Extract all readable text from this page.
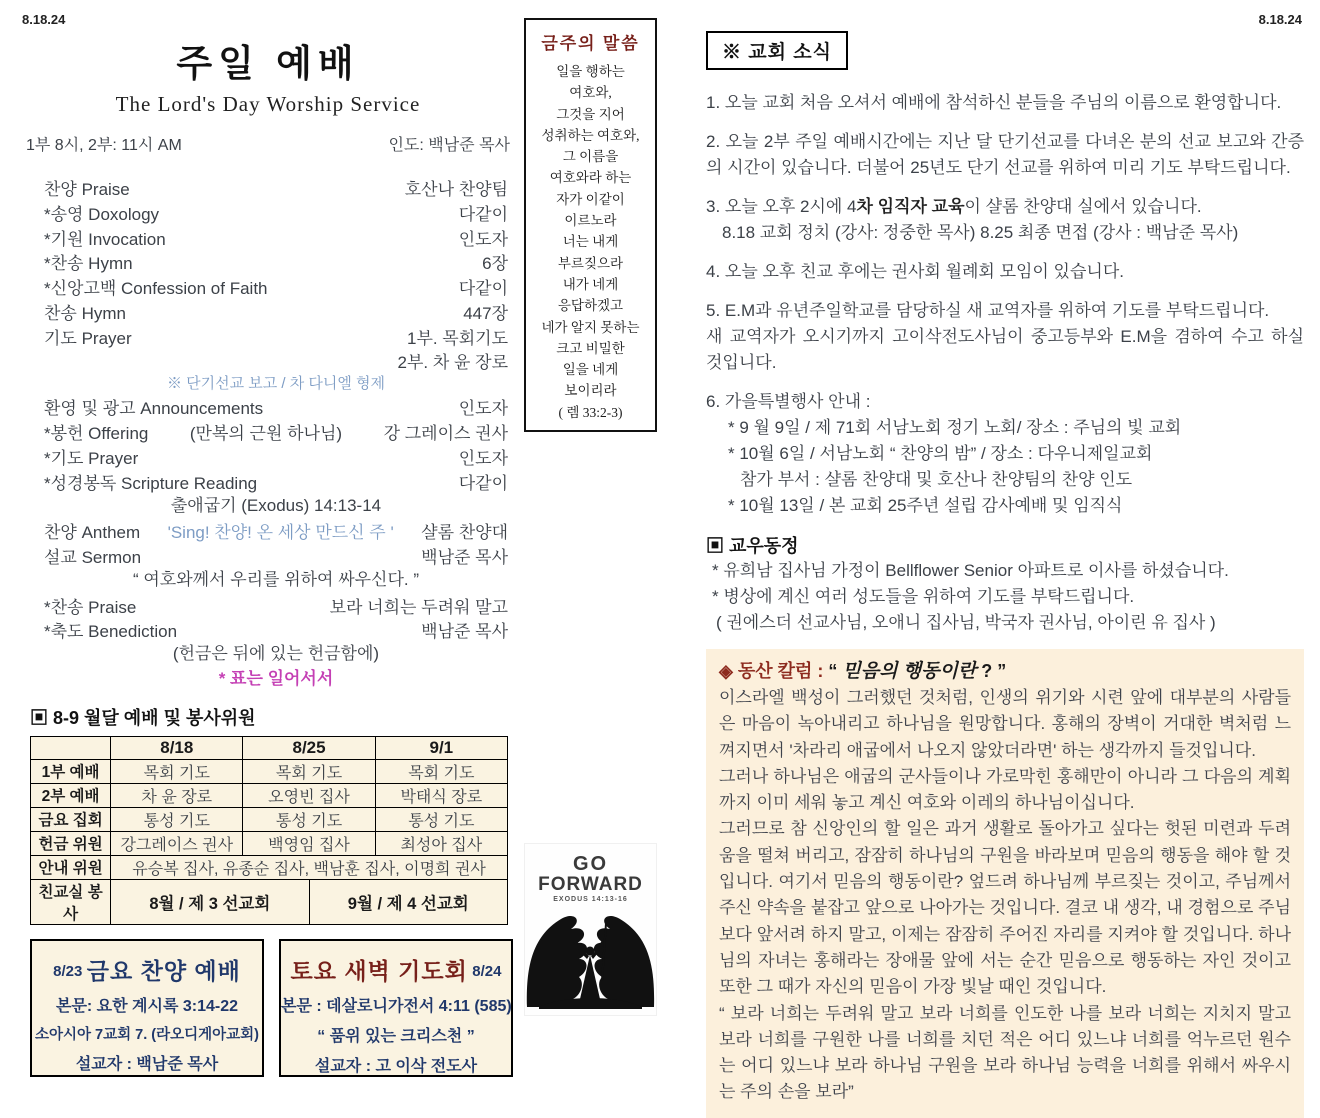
8.18.24
주일 예배
The Lord's Day Worship Service
1부 8시, 2부: 11시 AM	인도: 백남준 목사
찬양 Praise	호산나 찬양팀
*송영 Doxology	다같이
*기원 Invocation	인도자
*찬송 Hymn	6장
*신앙고백 Confession of Faith	다같이
찬송 Hymn	447장
기도 Prayer	1부. 목회기도
2부. 차 윤 장로
※ 단기선교 보고 / 차 다니엘 형제
환영 및 광고 Announcements	인도자
*봉헌 Offering	(만복의 근원 하나님)	강 그레이스 권사
*기도 Prayer	인도자
*성경봉독 Scripture Reading	다같이
출애굽기 (Exodus) 14:13-14
찬양 Anthem	'Sing! 찬양! 온 세상 만드신 주 '	샬롬 찬양대
설교 Sermon	백남준 목사
“ 여호와께서 우리를 위하여 싸우신다. ”
*찬송 Praise	보라 너희는 두려워 말고
*축도 Benediction	백남준 목사
(헌금은 뒤에 있는 헌금함에)
* 표는 일어서서
▣ 8-9 월달 예배 및 봉사위원
	8/18	8/25		9/1
1부 예배	목회 기도	목회 기도		목회 기도
2부 예배	차 윤 장로	오영빈 집사		박태식 장로
금요 집회	통성 기도	통성 기도		통성 기도
헌금 위원	강그레이스 권사	백영임 집사		최성아 집사
안내 위원	유승복 집사, 유종순 집사, 백남훈 집사, 이명희 권사			
친교실 봉사	8월 / 제 3 선교회		9월 / 제 4 선교회	
8/23 금요 찬양 예배
본문: 요한 계시록 3:14-22
소아시아 7교회 7. (라오디게아교회)
설교자 : 백남준 목사
토요 새벽 기도회 8/24
본문 : 데살로니가전서 4:11 (585)
“ 품위 있는 크리스천 ”
설교자 : 고 이삭 전도사
금주의 말씀
일을 행하는
여호와,
그것을 지어
성취하는 여호와,
그 이름을
여호와라 하는
자가 이같이
이르노라
너는 내게
부르짖으라
내가 네게
응답하겠고
네가 알지 못하는
크고 비밀한
일을 네게
보이리라
( 렘 33:2-3)
GO
FORWARD
EXODUS 14:13-16
8.18.24
※ 교회 소식
1. 오늘 교회 처음 오셔서 예배에 참석하신 분들을 주님의 이름으로 환영합니다.
2. 오늘 2부 주일 예배시간에는 지난 달 단기선교를 다녀온 분의 선교 보고와 간증의 시간이 있습니다. 더불어 25년도 단기 선교를 위하여 미리 기도 부탁드립니다.
3. 오늘 오후 2시에 4차 임직자 교육이 샬롬 찬양대 실에서 있습니다.
8.18 교회 정치 (강사: 정중한 목사) 8.25 최종 면접 (강사 : 백남준 목사)
4. 오늘 오후 친교 후에는 권사회 월례회 모임이 있습니다.
5. E.M과 유년주일학교를 담당하실 새 교역자를 위하여 기도를 부탁드립니다.
새 교역자가 오시기까지 고이삭전도사님이 중고등부와 E.M을 겸하여 수고 하실 것입니다.
6. 가을특별행사 안내 :
* 9 월 9일 / 제 71회 서남노회 정기 노회/ 장소 : 주님의 빛 교회
* 10월 6일 / 서남노회 “ 찬양의 밤” / 장소 : 다우니제일교회
참가 부서 : 샬롬 찬양대 및 호산나 찬양팀의 찬양 인도
* 10월 13일 / 본 교회 25주년 설립 감사예배 및 임직식
▣ 교우동정
* 유희남 집사님 가정이 Bellflower Senior 아파트로 이사를 하셨습니다.
* 병상에 계신 여러 성도들을 위하여 기도를 부탁드립니다.
( 권에스더 선교사님, 오애니 집사님, 박국자 권사님, 아이린 유 집사 )
◈ 동산 칼럼 : “ 믿음의 행동이란 ? ”
이스라엘 백성이 그러했던 것처럼, 인생의 위기와 시련 앞에 대부분의 사람들은 마음이 녹아내리고 하나님을 원망합니다. 홍해의 장벽이 거대한 벽처럼 느껴지면서 '차라리 애굽에서 나오지 않았더라면' 하는 생각까지 들것입니다.
그러나 하나님은 애굽의 군사들이나 가로막힌 홍해만이 아니라 그 다음의 계획까지 이미 세워 놓고 계신 여호와 이레의 하나님이십니다.
그러므로 참 신앙인의 할 일은 과거 생활로 돌아가고 싶다는 헛된 미련과 두려움을 떨쳐 버리고, 잠잠히 하나님의 구원을 바라보며 믿음의 행동을 해야 할 것입니다. 여기서 믿음의 행동이란? 엎드려 하나님께 부르짖는 것이고, 주님께서 주신 약속을 붙잡고 앞으로 나아가는 것입니다. 결코 내 생각, 내 경험으로 주님 보다 앞서려 하지 말고, 이제는 잠잠히 주어진 자리를 지켜야 할 것입니다. 하나님의 자녀는 홍해라는 장애물 앞에 서는 순간 믿음으로 행동하는 자인 것이고 또한 그 때가 자신의 믿음이 가장 빛날 때인 것입니다.
“ 보라 너희는 두려워 말고 보라 너희를 인도한 나를 보라 너희는 지치지 말고 보라 너희를 구원한 나를 너희를 치던 적은 어디 있느냐 너희를 억누르던 원수는 어디 있느냐 보라 하나님 구원을 보라 하나님 능력을 너희를 위해서 싸우시는 주의 손을 보라”
